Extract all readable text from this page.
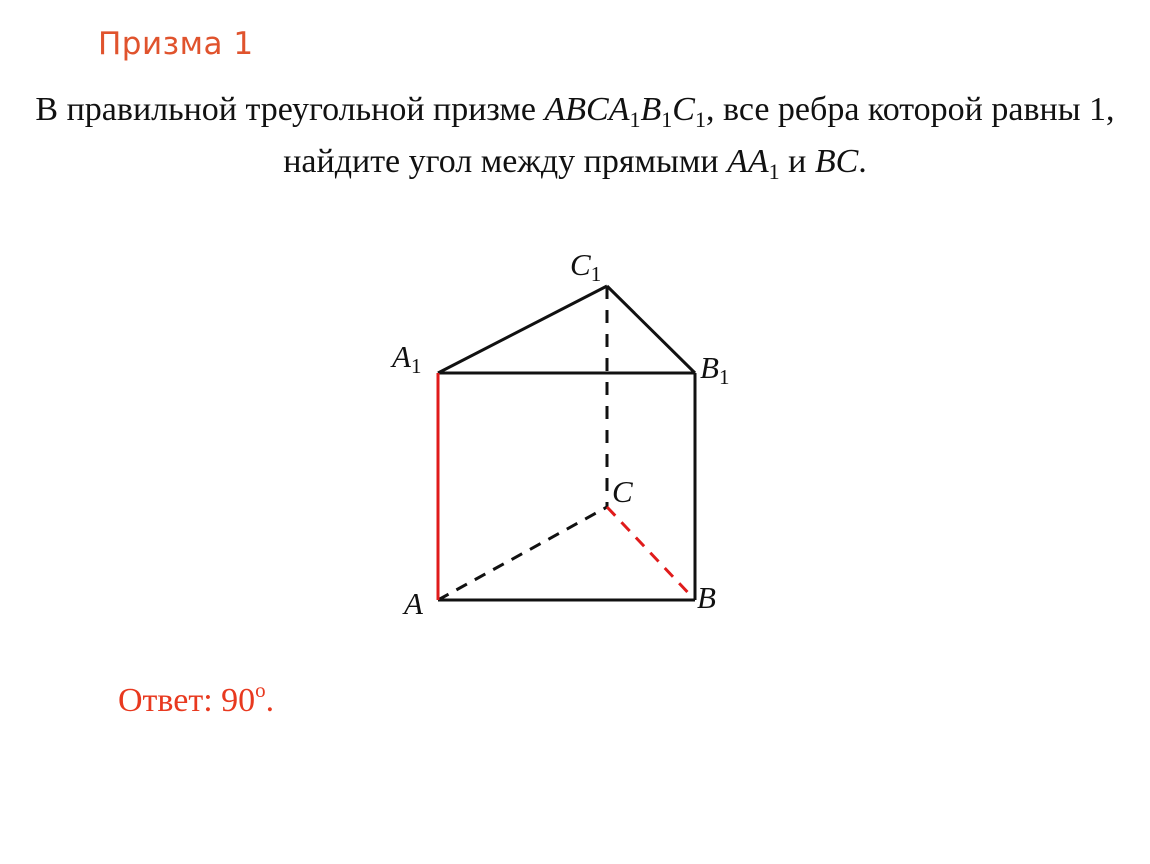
Призма 1
В правильной треугольной призме $ABCA_1B_1C_1$, все ребра которой равны 1, найдите угол между прямыми $AA_1$ и BC.
C1
A1	B1
C
A	B
Ответ: 90$^o$.
